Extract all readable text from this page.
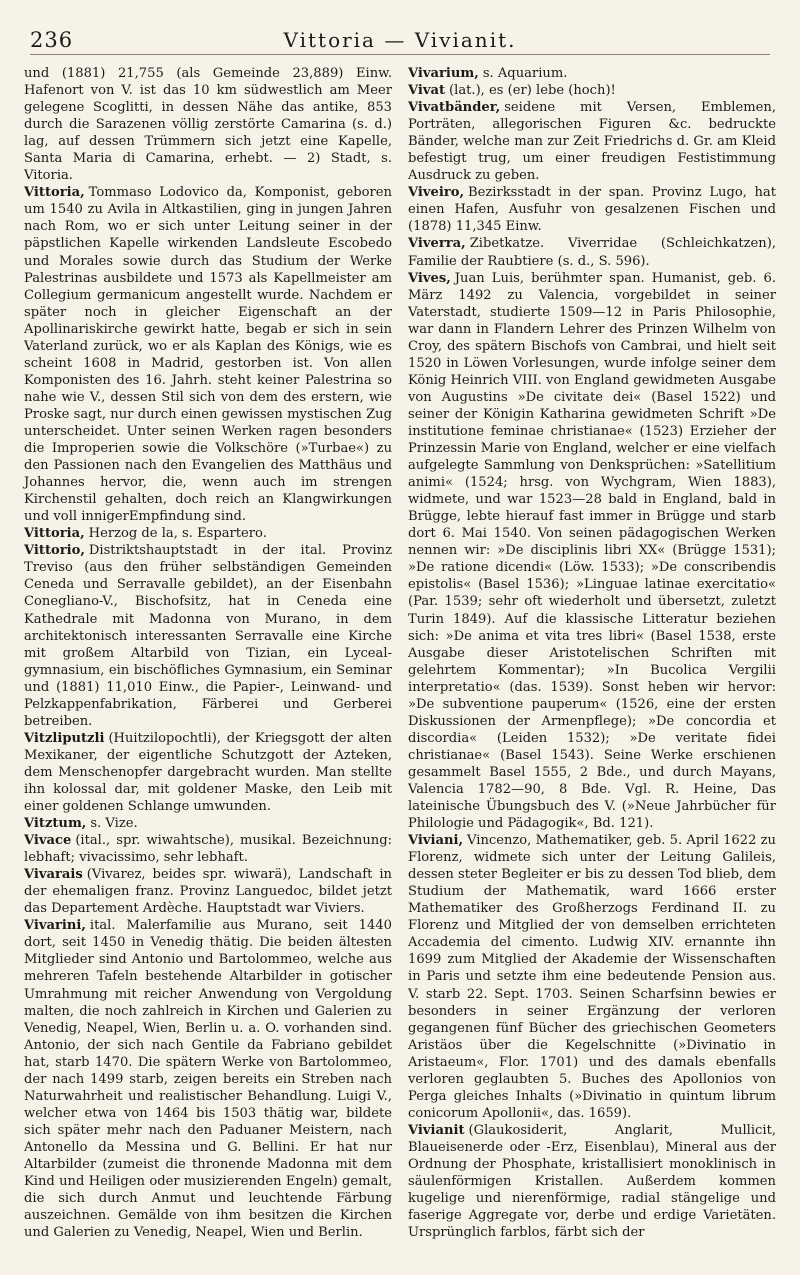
236	Vittoria — Vivianit.

und (1881) 21,755 (als Gemeinde 23,889) Einw. Hafenort von V. ist das 10 km südwestlich am Meer gelegene Scoglitti, in dessen Nähe das antike, 853 durch die Sarazenen völlig zerstörte Camarina (s. d.) lag, auf dessen Trümmern sich jetzt eine Kapelle, Santa Maria di Camarina, erhebt. — 2) Stadt, s. Vitoria.

Vittoria, Tommaso Lodovico da, Komponist, geboren um 1540 zu Avila in Altkastilien, ging in jungen Jahren nach Rom, wo er sich unter Leitung seiner in der päpstlichen Kapelle wirkenden Landsleute Escobedo und Morales sowie durch das Studium der Werke Palestrinas ausbildete und 1573 als Kapellmeister am Collegium germanicum angestellt wurde. Nachdem er später noch in gleicher Eigenschaft an der Apollinariskirche gewirkt hatte, begab er sich in sein Vaterland zurück, wo er als Kaplan des Königs, wie es scheint 1608 in Madrid, gestorben ist. Von allen Komponisten des 16. Jahrh. steht keiner Palestrina so nahe wie V., dessen Stil sich von dem des erstern, wie Proske sagt, nur durch einen gewissen mystischen Zug unterscheidet. Unter seinen Werken ragen besonders die Improperien sowie die Volkschöre (»Turbae«) zu den Passionen nach den Evangelien des Matthäus und Johannes hervor, die, wenn auch im strengen Kirchenstil gehalten, doch reich an Klangwirkungen und voll innigerEmpfindung sind.

Vittoria, Herzog de la, s. Espartero.

Vittorio, Distriktshauptstadt in der ital. Provinz Treviso (aus den früher selbständigen Gemeinden Ceneda und Serravalle gebildet), an der Eisenbahn Conegliano-V., Bischofsitz, hat in Ceneda eine Kathedrale mit Madonna von Murano, in dem architektonisch interessanten Serravalle eine Kirche mit großem Altarbild von Tizian, ein Lycealgymnasium, ein bischöfliches Gymnasium, ein Seminar und (1881) 11,010 Einw., die Papier-, Leinwand- und Pelzkappenfabrikation, Färberei und Gerberei betreiben.

Vitzliputzli (Huitzilopochtli), der Kriegsgott der alten Mexikaner, der eigentliche Schutzgott der Azteken, dem Menschenopfer dargebracht wurden. Man stellte ihn kolossal dar, mit goldener Maske, den Leib mit einer goldenen Schlange umwunden.

Vitztum, s. Vizе.

Vivace (ital., spr. wiwahtsche), musikal. Bezeichnung: lebhaft; vivacissimo, sehr lebhaft.

Vivarais (Vivarez, beides spr. wiwarä), Landschaft in der ehemaligen franz. Provinz Languedoc, bildet jetzt das Departement Ardèche. Hauptstadt war Viviers.

Vivarini, ital. Malerfamilie aus Murano, seit 1440 dort, seit 1450 in Venedig thätig. Die beiden ältesten Mitglieder sind Antonio und Bartolommeo, welche aus mehreren Tafeln bestehende Altarbilder in gotischer Umrahmung mit reicher Anwendung von Vergoldung malten, die noch zahlreich in Kirchen und Galerien zu Venedig, Neapel, Wien, Berlin u. a. O. vorhanden sind. Antonio, der sich nach Gentile da Fabriano gebildet hat, starb 1470. Die spätern Werke von Bartolommeo, der nach 1499 starb, zeigen bereits ein Streben nach Naturwahrheit und realistischer Behandlung. Luigi V., welcher etwa von 1464 bis 1503 thätig war, bildete sich später mehr nach den Paduaner Meistern, nach Antonello da Messina und G. Bellini. Er hat nur Altarbilder (zumeist die thronende Madonna mit dem Kind und Heiligen oder musizierenden Engeln) gemalt, die sich durch Anmut und leuchtende Färbung auszeichnen. Gemälde von ihm besitzen die Kirchen und Galerien zu Venedig, Neapel, Wien und Berlin.

Vivarium, s. Aquarium.

Vivat (lat.), es (er) lebe (hoch)!

Vivatbänder, seidene mit Versen, Emblemen, Porträten, allegorischen Figuren &c. bedruckte Bänder, welche man zur Zeit Friedrichs d. Gr. am Kleid befestigt trug, um einer freudigen Festistimmung Ausdruck zu geben.

Viveiro, Bezirksstadt in der span. Provinz Lugo, hat einen Hafen, Ausfuhr von gesalzenen Fischen und (1878) 11,345 Einw.

Viverra, Zibetkatze. Viverridae (Schleichkatzen), Familie der Raubtiere (s. d., S. 596).

Vives, Juan Luis, berühmter span. Humanist, geb. 6. März 1492 zu Valencia, vorgebildet in seiner Vaterstadt, studierte 1509—12 in Paris Philosophie, war dann in Flandern Lehrer des Prinzen Wilhelm von Croy, des spätern Bischofs von Cambrai, und hielt seit 1520 in Löwen Vorlesungen, wurde infolge seiner dem König Heinrich VIII. von England gewidmeten Ausgabe von Augustins »De civitate dei« (Basel 1522) und seiner der Königin Katharina gewidmeten Schrift »De institutione feminae christianae« (1523) Erzieher der Prinzessin Marie von England, welcher er eine vielfach aufgelegte Sammlung von Denksprüchen: »Satellitium animi« (1524; hrsg. von Wychgram, Wien 1883), widmete, und war 1523—28 bald in England, bald in Brügge, lebte hierauf fast immer in Brügge und starb dort 6. Mai 1540. Von seinen pädagogischen Werken nennen wir: »De disciplinis libri XX« (Brügge 1531); »De ratione dicendi« (Löw. 1533); »De conscribendis epistolis« (Basel 1536); »Linguae latinae exercitatio« (Par. 1539; sehr oft wiederholt und übersetzt, zuletzt Turin 1849). Auf die klassische Litteratur beziehen sich: »De anima et vita tres libri« (Basel 1538, erste Ausgabe dieser Aristotelischen Schriften mit gelehrtem Kommentar); »In Bucolica Vergilii interpretatio« (das. 1539). Sonst heben wir hervor: »De subventione pauperum« (1526, eine der ersten Diskussionen der Armenpflege); »De concordia et discordia« (Leiden 1532); »De veritate fidei christianae« (Basel 1543). Seine Werke erschienen gesammelt Basel 1555, 2 Bde., und durch Mayans, Valencia 1782—90, 8 Bde. Vgl. R. Heine, Das lateinische Übungsbuch des V. (»Neue Jahrbücher für Philologie und Pädagogik«, Bd. 121).

Viviani, Vincenzo, Mathematiker, geb. 5. April 1622 zu Florenz, widmete sich unter der Leitung Galileis, dessen steter Begleiter er bis zu dessen Tod blieb, dem Studium der Mathematik, ward 1666 erster Mathematiker des Großherzogs Ferdinand II. zu Florenz und Mitglied der von demselben errichteten Accademia del cimento. Ludwig XIV. ernannte ihn 1699 zum Mitglied der Akademie der Wissenschaften in Paris und setzte ihm eine bedeutende Pension aus. V. starb 22. Sept. 1703. Seinen Scharfsinn bewies er besonders in seiner Ergänzung der verloren gegangenen fünf Bücher des griechischen Geometers Aristäos über die Kegelschnitte (»Divinatio in Aristaeum«, Flor. 1701) und des damals ebenfalls verloren geglaubten 5. Buches des Apollonios von Perga gleiches Inhalts (»Divinatio in quintum librum conicorum Apollonii«, das. 1659).

Vivianit (Glaukosiderit, Anglarit, Mullicit, Blaueisenerde oder -Erz, Eisenblau), Mineral aus der Ordnung der Phosphate, kristallisiert monoklinisch in säulenförmigen Kristallen. Außerdem kommen kugelige und nierenförmige, radial stängelige und faserige Aggregate vor, derbe und erdige Varietäten. Ursprünglich farblos, färbt sich der
